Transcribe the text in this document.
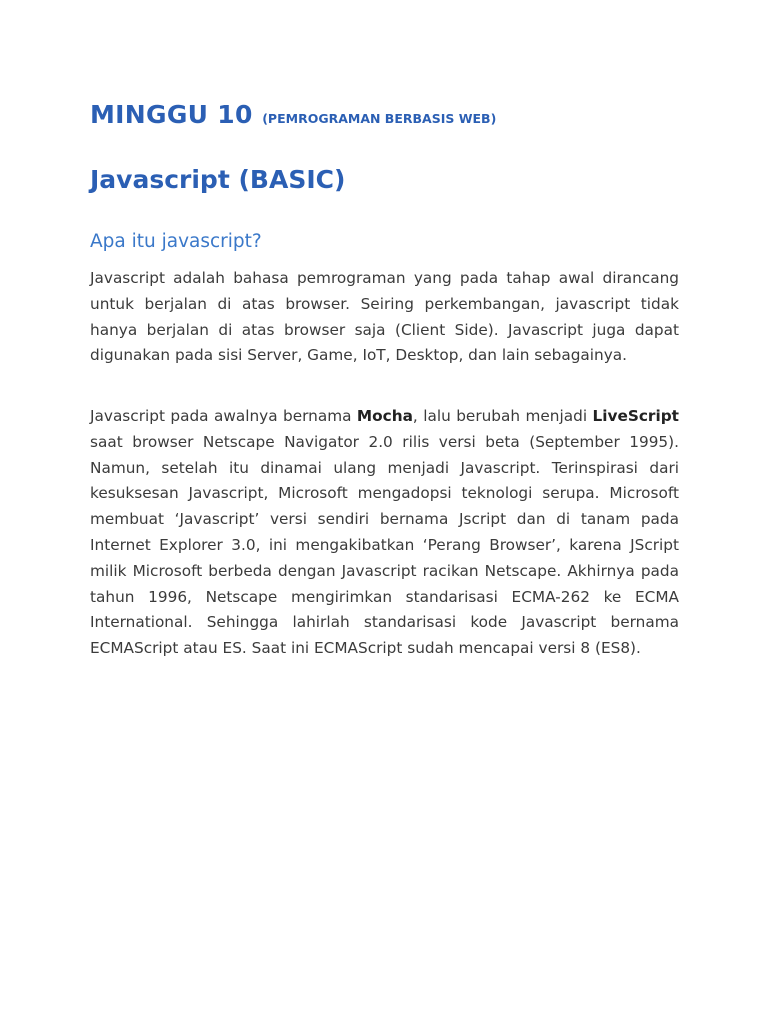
MINGGU 10 (PEMROGRAMAN BERBASIS WEB)
Javascript (BASIC)
Apa itu javascript?

Javascript adalah bahasa pemrograman yang pada tahap awal dirancang untuk berjalan di atas browser. Seiring perkembangan, javascript tidak hanya berjalan di atas browser saja (Client Side). Javascript juga dapat digunakan pada sisi Server, Game, IoT, Desktop, dan lain sebagainya.

Javascript pada awalnya bernama Mocha, lalu berubah menjadi LiveScript saat browser Netscape Navigator 2.0 rilis versi beta (September 1995). Namun, setelah itu dinamai ulang menjadi Javascript. Terinspirasi dari kesuksesan Javascript, Microsoft mengadopsi teknologi serupa. Microsoft membuat ‘Javascript’ versi sendiri bernama Jscript dan di tanam pada Internet Explorer 3.0, ini mengakibatkan ‘Perang Browser’, karena JScript milik Microsoft berbeda dengan Javascript racikan Netscape. Akhirnya pada tahun 1996, Netscape mengirimkan standarisasi ECMA-262 ke ECMA International. Sehingga lahirlah standarisasi kode Javascript bernama ECMAScript atau ES. Saat ini ECMAScript sudah mencapai versi 8 (ES8).
